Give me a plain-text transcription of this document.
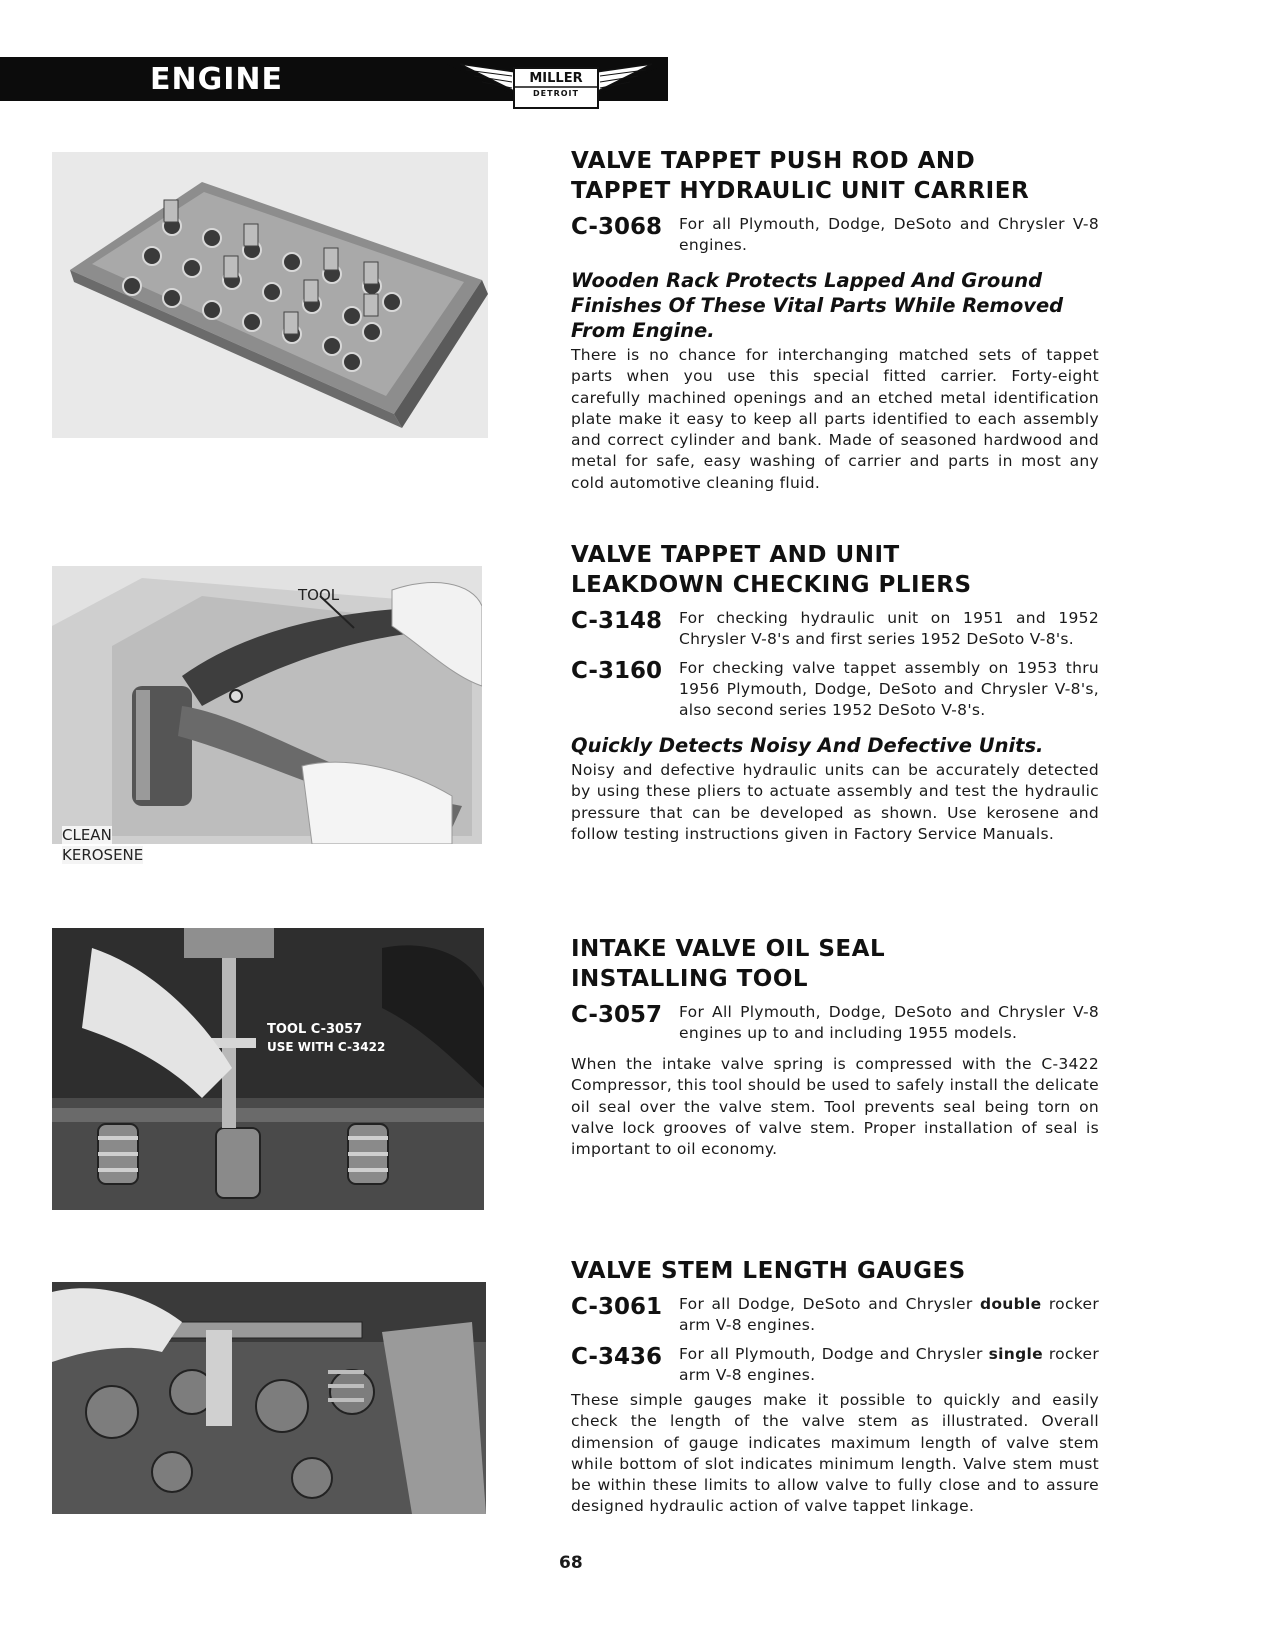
ENGINE	MILLER
DETROIT
TOOL
CLEAN
KEROSENE
TOOL C-3057
USE WITH C-3422
VALVE TAPPET PUSH ROD AND
TAPPET HYDRAULIC UNIT CARRIER
C-3068	For all Plymouth, Dodge, DeSoto and Chrysler V-8 engines.
Wooden Rack Protects Lapped And Ground Finishes Of These Vital Parts While Removed From Engine.

There is no chance for interchanging matched sets of tappet parts when you use this special fitted carrier. Forty-eight carefully machined openings and an etched metal identification plate make it easy to keep all parts identified to each assembly and correct cylinder and bank. Made of seasoned hardwood and metal for safe, easy washing of carrier and parts in most any cold automotive cleaning fluid.

VALVE TAPPET AND UNIT
LEAKDOWN CHECKING PLIERS
C-3148	For checking hydraulic unit on 1951 and 1952 Chrysler V-8's and first series 1952 DeSoto V-8's.
C-3160	For checking valve tappet assembly on 1953 thru 1956 Plymouth, Dodge, DeSoto and Chrysler V-8's, also second series 1952 DeSoto V-8's.
Quickly Detects Noisy And Defective Units.

Noisy and defective hydraulic units can be accurately detected by using these pliers to actuate assembly and test the hydraulic pressure that can be developed as shown. Use kerosene and follow testing instructions given in Factory Service Manuals.

INTAKE VALVE OIL SEAL
INSTALLING TOOL
C-3057	For All Plymouth, Dodge, DeSoto and Chrysler V-8 engines up to and including 1955 models.

When the intake valve spring is compressed with the C-3422 Compressor, this tool should be used to safely install the delicate oil seal over the valve stem. Tool prevents seal being torn on valve lock grooves of valve stem. Proper installation of seal is important to oil economy.

VALVE STEM LENGTH GAUGES
C-3061	For all Dodge, DeSoto and Chrysler double rocker arm V-8 engines.
C-3436	For all Plymouth, Dodge and Chrysler single rocker arm V-8 engines.

These simple gauges make it possible to quickly and easily check the length of the valve stem as illustrated. Overall dimension of gauge indicates maximum length of valve stem while bottom of slot indicates minimum length. Valve stem must be within these limits to allow valve to fully close and to assure designed hydraulic action of valve tappet linkage.

68
